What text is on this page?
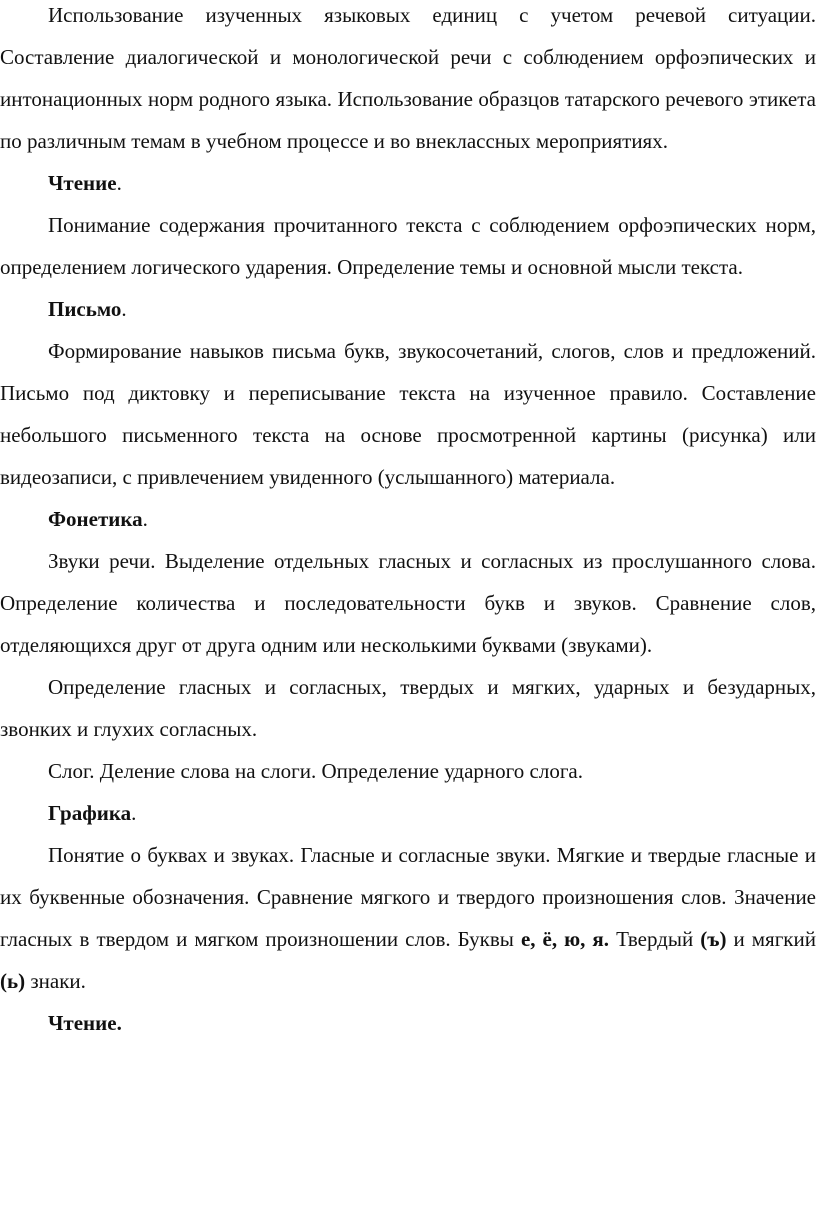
Использование изученных языковых единиц с учетом речевой ситуации. Составление диалогической и монологической речи с соблюдением орфоэпических и интонационных норм родного языка. Использование образцов татарского речевого этикета по различным темам в учебном процессе и во внеклассных мероприятиях.

Чтение.

Понимание содержания прочитанного текста с соблюдением орфоэпических норм, определением логического ударения. Определение темы и основной мысли текста.

Письмо.

Формирование навыков письма букв, звукосочетаний, слогов, слов и предложений. Письмо под диктовку и переписывание текста на изученное правило. Составление небольшого письменного текста на основе просмотренной картины (рисунка) или видеозаписи, с привлечением увиденного (услышанного) материала.

Фонетика.

Звуки речи. Выделение отдельных гласных и согласных из прослушанного слова. Определение количества и последовательности букв и звуков. Сравнение слов, отделяющихся друг от друга одним или несколькими буквами (звуками).

Определение гласных и согласных, твердых и мягких, ударных и безударных, звонких и глухих согласных.

Слог. Деление слова на слоги. Определение ударного слога.

Графика.

Понятие о буквах и звуках. Гласные и согласные звуки. Мягкие и твердые гласные и их буквенные обозначения. Сравнение мягкого и твердого произношения слов. Значение гласных в твердом и мягком произношении слов. Буквы е, ё, ю, я. Твердый (ъ) и мягкий (ь) знаки.

Чтение.
